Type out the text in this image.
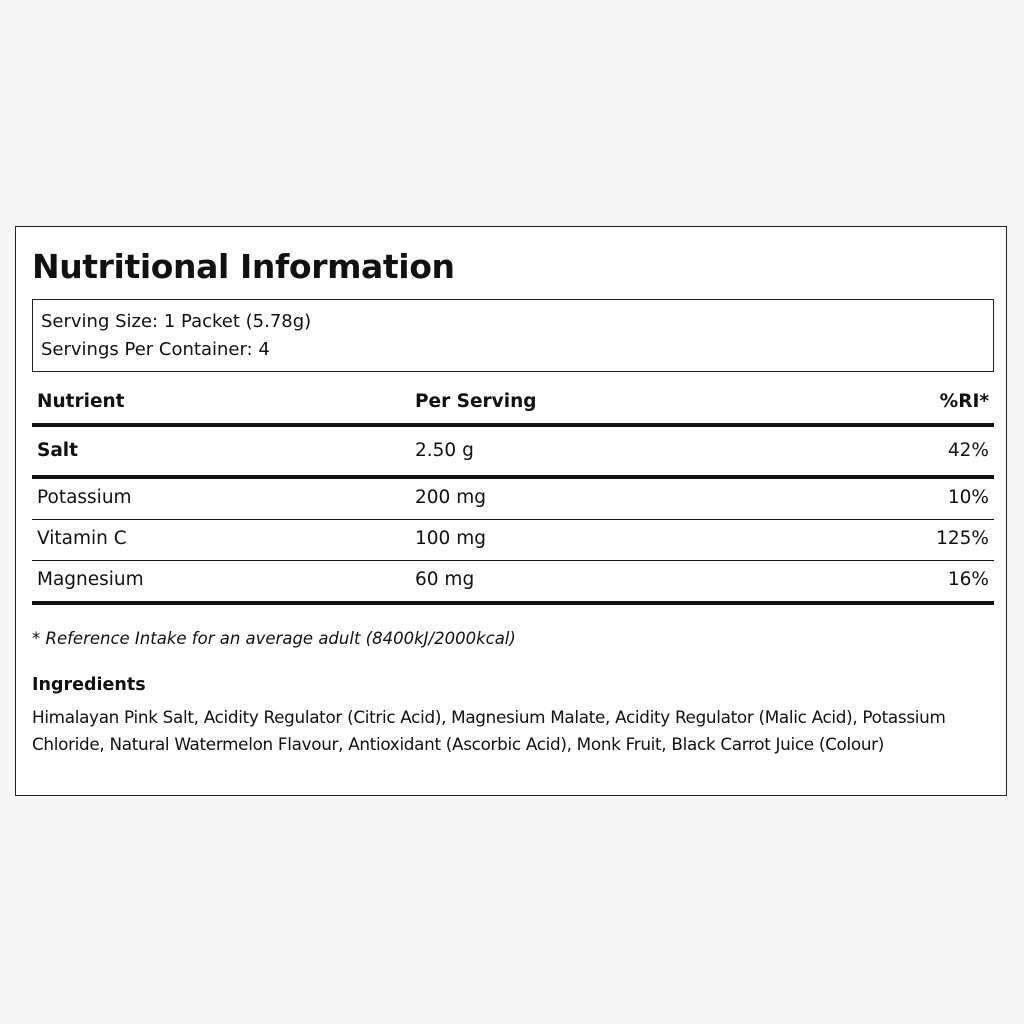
Nutritional Information
Serving Size: 1 Packet (5.78g)
Servings Per Container: 4
Nutrient	Per Serving	%RI*
Salt	2.50 g	42%
Potassium	200 mg	10%
Vitamin C	100 mg	125%
Magnesium	60 mg	16%
* Reference Intake for an average adult (8400kJ/2000kcal)
Ingredients
Himalayan Pink Salt, Acidity Regulator (Citric Acid), Magnesium Malate, Acidity Regulator (Malic Acid), Potassium Chloride, Natural Watermelon Flavour, Antioxidant (Ascorbic Acid), Monk Fruit, Black Carrot Juice (Colour)
